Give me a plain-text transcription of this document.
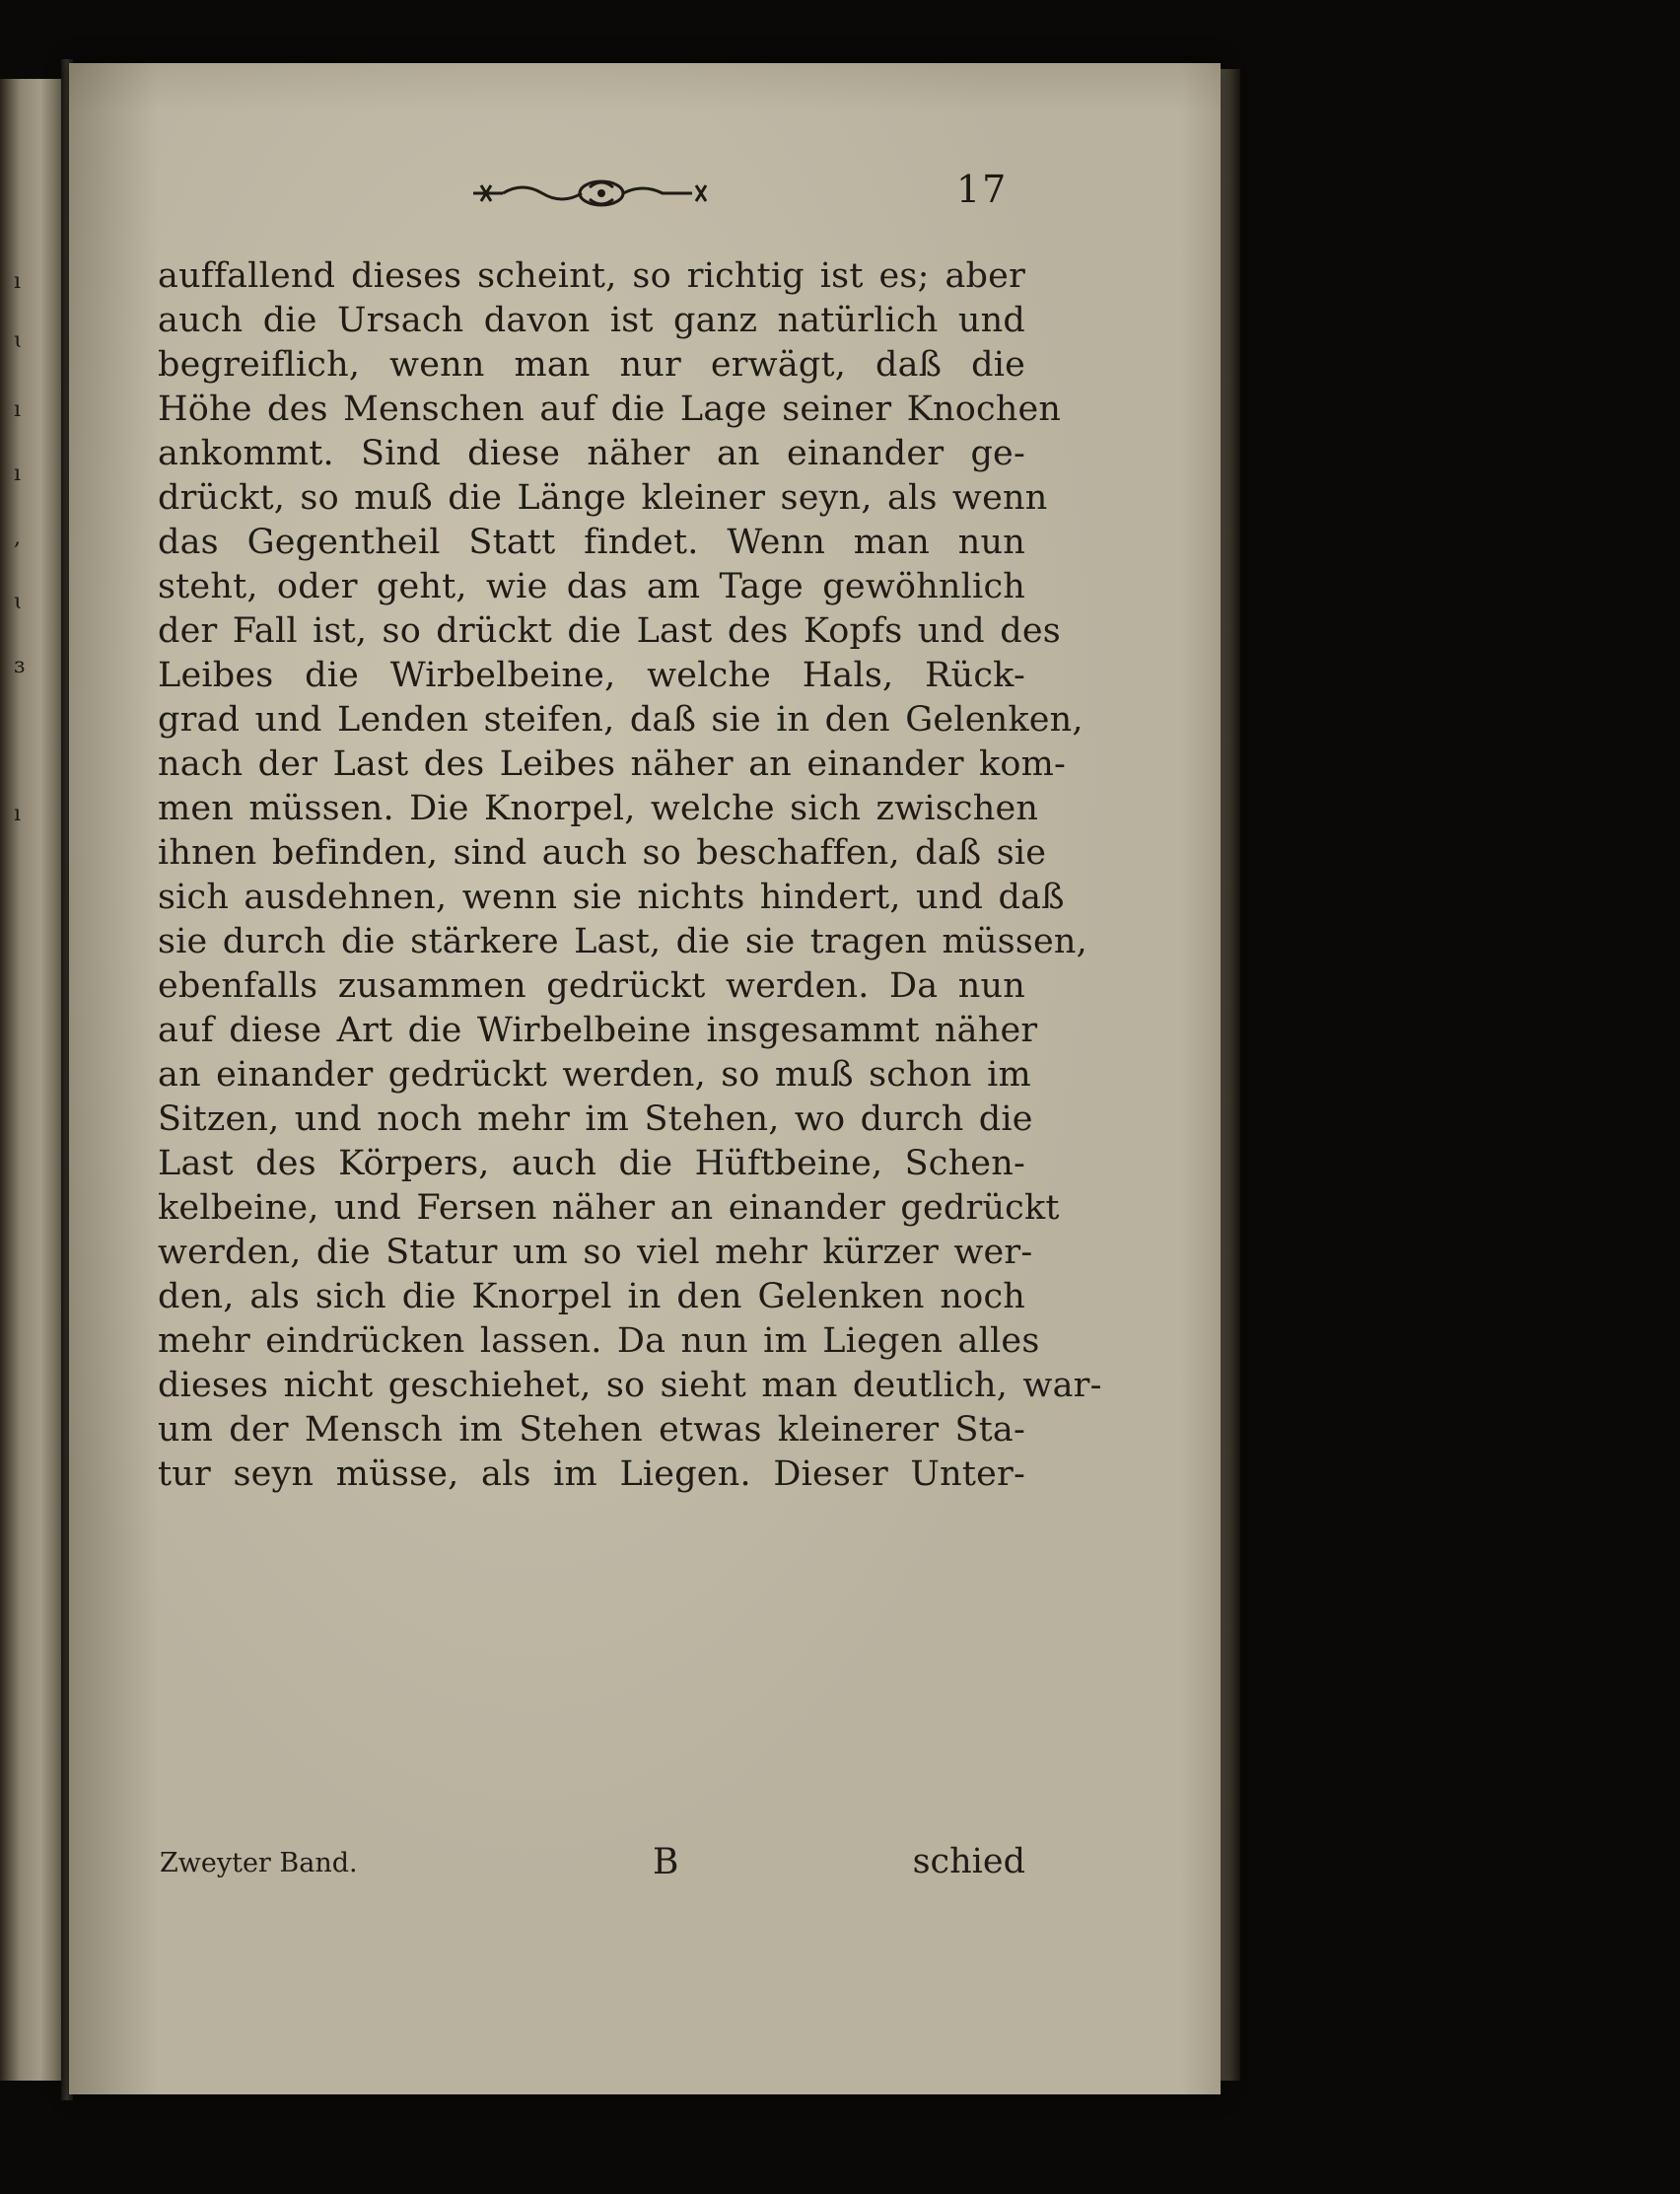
ı
ɩ
ı
ı
,
ɩ
ɜ
ı
17
auffallend dieses scheint, so richtig ist es; aber
auch die Ursach davon ist ganz natürlich und
begreiflich, wenn man nur erwägt, daß die
Höhe des Menschen auf die Lage seiner Knochen
ankommt. Sind diese näher an einander ge-
drückt, so muß die Länge kleiner seyn, als wenn
das Gegentheil Statt findet. Wenn man nun
steht, oder geht, wie das am Tage gewöhnlich
der Fall ist, so drückt die Last des Kopfs und des
Leibes die Wirbelbeine, welche Hals, Rück-
grad und Lenden steifen, daß sie in den Gelenken,
nach der Last des Leibes näher an einander kom-
men müssen. Die Knorpel, welche sich zwischen
ihnen befinden, sind auch so beschaffen, daß sie
sich ausdehnen, wenn sie nichts hindert, und daß
sie durch die stärkere Last, die sie tragen müssen,
ebenfalls zusammen gedrückt werden. Da nun
auf diese Art die Wirbelbeine insgesammt näher
an einander gedrückt werden, so muß schon im
Sitzen, und noch mehr im Stehen, wo durch die
Last des Körpers, auch die Hüftbeine, Schen-
kelbeine, und Fersen näher an einander gedrückt
werden, die Statur um so viel mehr kürzer wer-
den, als sich die Knorpel in den Gelenken noch
mehr eindrücken lassen. Da nun im Liegen alles
dieses nicht geschiehet, so sieht man deutlich, war-
um der Mensch im Stehen etwas kleinerer Sta-
tur seyn müsse, als im Liegen. Dieser Unter-
Zweyter Band.	B	schied
